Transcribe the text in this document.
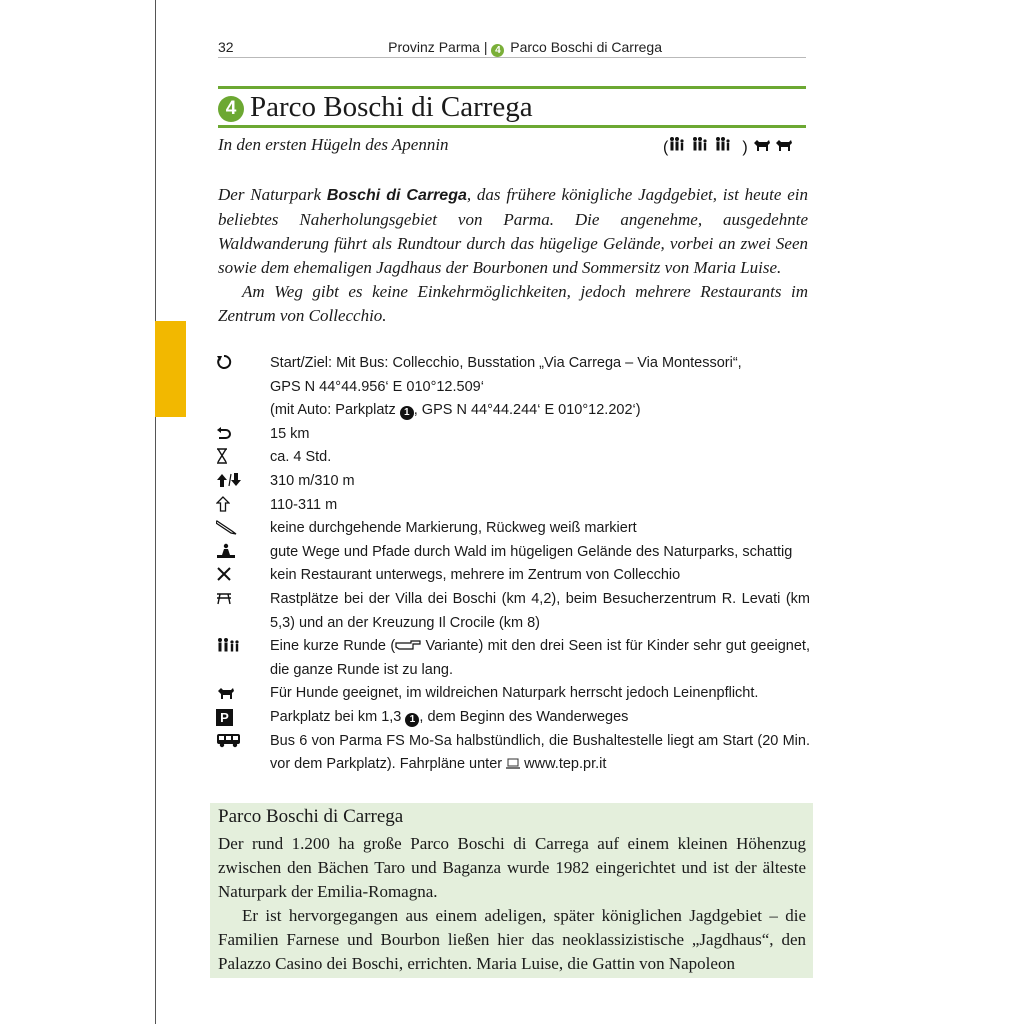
32	Provinz Parma | 4 Parco Boschi di Carrega
4 Parco Boschi di Carrega
In den ersten Hügeln des Apennin	(	)

Der Naturpark Boschi di Carrega, das frühere königliche Jagdgebiet, ist heute ein beliebtes Naherholungsgebiet von Parma. Die angenehme, ausgedehnte Waldwanderung führt als Rundtour durch das hügelige Gelände, vorbei an zwei Seen sowie dem ehemaligen Jagdhaus der Bourbonen und Sommersitz von Maria Luise.

Am Weg gibt es keine Einkehrmöglichkeiten, jedoch mehrere Restaurants im Zentrum von Collecchio.

Start/Ziel: Mit Bus: Collecchio, Busstation „Via Carrega – Via Montessori“,
GPS N 44°44.956‘ E 010°12.509‘
(mit Auto: Parkplatz 1 , GPS N 44°44.244‘ E 010°12.202‘)
15 km
ca. 4 Std.
310 m/310 m
110-311 m
keine durchgehende Markierung, Rückweg weiß markiert
gute Wege und Pfade durch Wald im hügeligen Gelände des Naturparks, schattig
kein Restaurant unterwegs, mehrere im Zentrum von Collecchio
Rastplätze bei der Villa dei Boschi (km 4,2), beim Besucherzentrum R. Levati (km 5,3) und an der Kreuzung Il Crocile (km 8)
Eine kurze Runde ( Variante) mit den drei Seen ist für Kinder sehr gut geeignet, die ganze Runde ist zu lang.
Für Hunde geeignet, im wildreichen Naturpark herrscht jedoch Leinenpflicht.
P	Parkplatz bei km 1,3 1 , dem Beginn des Wanderweges
Bus 6 von Parma FS Mo-Sa halbstündlich, die Bushaltestelle liegt am Start (20 Min. vor dem Parkplatz). Fahrpläne unter  www.tep.pr.it
Parco Boschi di Carrega

Der rund 1.200 ha große Parco Boschi di Carrega auf einem kleinen Höhenzug zwischen den Bächen Taro und Baganza wurde 1982 eingerichtet und ist der älteste Naturpark der Emilia-Romagna.

Er ist hervorgegangen aus einem adeligen, später königlichen Jagdgebiet – die Familien Farnese und Bourbon ließen hier das neoklassizistische „Jagdhaus“, den Palazzo Casino dei Boschi, errichten. Maria Luise, die Gattin von Napoleon
